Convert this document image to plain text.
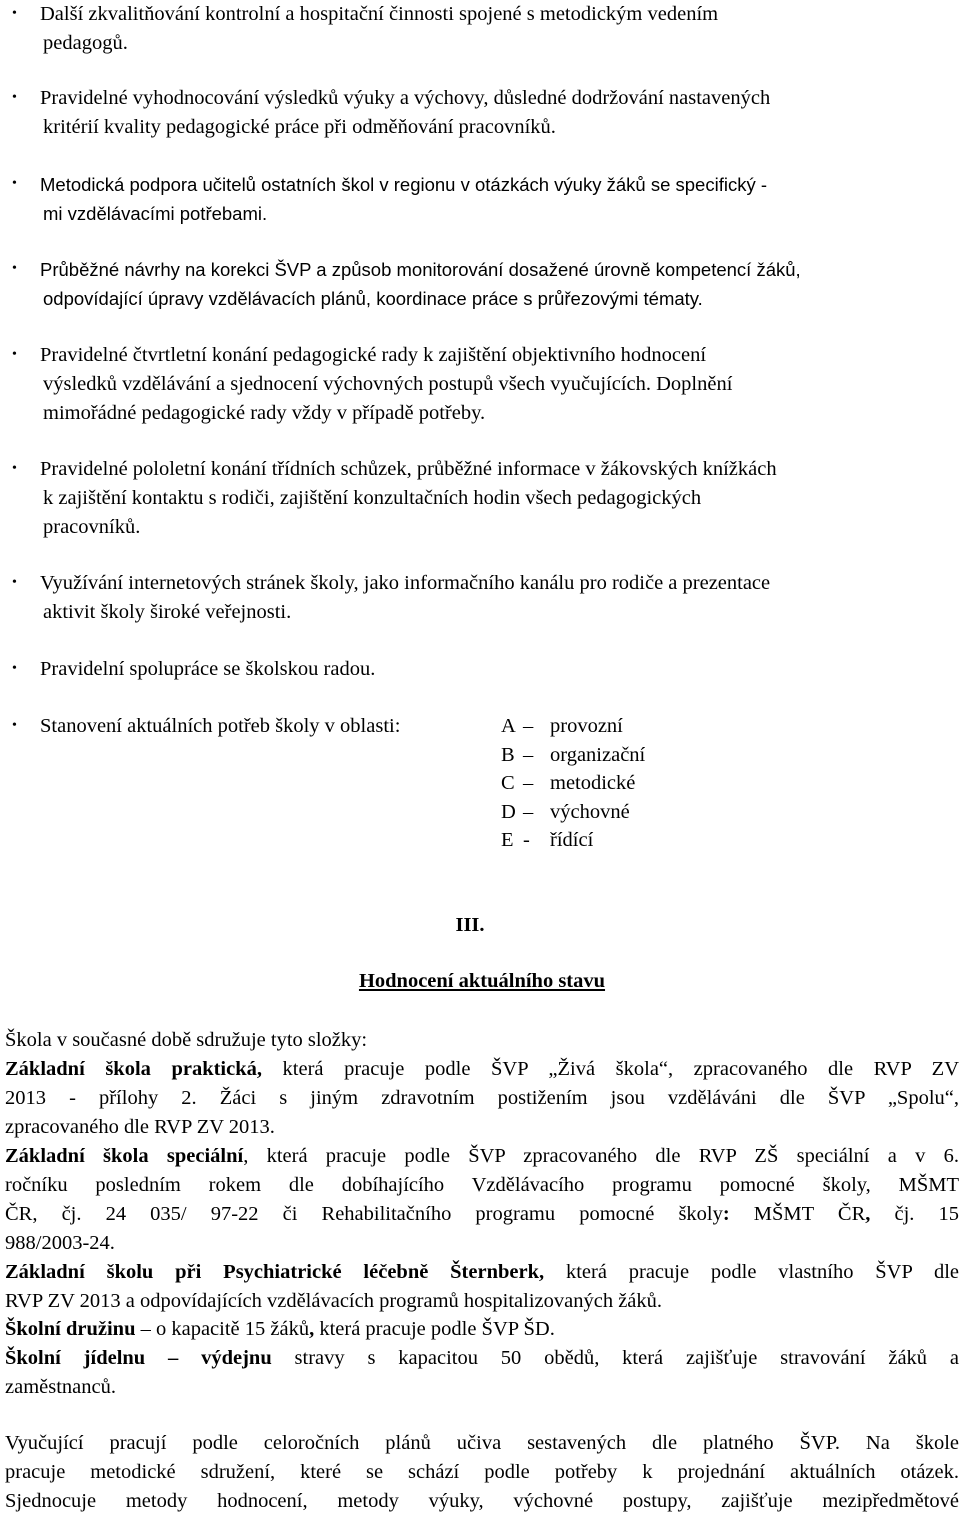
•	Další zkvalitňování kontrolní a hospitační činnosti spojené s metodickým vedením
pedagogů.
•	Pravidelné vyhodnocování výsledků výuky a výchovy, důsledné dodržování nastavených
kritérií kvality pedagogické práce při odměňování pracovníků.
•	Metodická podpora učitelů ostatních škol v regionu v otázkách výuky žáků se specifický -
mi vzdělávacími potřebami.
•	Průběžné návrhy na korekci ŠVP a způsob monitorování dosažené úrovně kompetencí žáků,
odpovídající úpravy vzdělávacích plánů, koordinace práce s průřezovými tématy.
•	Pravidelné čtvrtletní konání pedagogické rady k zajištění objektivního hodnocení
výsledků vzdělávání a sjednocení výchovných postupů všech vyučujících. Doplnění
mimořádné pedagogické rady vždy v případě potřeby.
•	Pravidelné pololetní konání třídních schůzek, průběžné informace v žákovských knížkách
k zajištění kontaktu s rodiči, zajištění konzultačních hodin všech pedagogických
pracovníků.
•	Využívání internetových stránek školy, jako informačního kanálu pro rodiče a prezentace
aktivit školy široké veřejnosti.
•	Pravidelní spolupráce se školskou radou.
•	Stanovení aktuálních potřeb školy v oblasti:	A – provozní
B – organizační
C – metodické
D – výchovné
E - řídící
III.
Hodnocení aktuálního stavu
Škola v současné době sdružuje tyto složky:
Základní škola praktická, která pracuje podle ŠVP „Živá škola“, zpracovaného dle RVP ZV
2013 - přílohy 2. Žáci s jiným zdravotním postižením jsou vzděláváni dle ŠVP „Spolu“,
zpracovaného dle RVP ZV 2013.
Základní škola speciální, která pracuje podle ŠVP zpracovaného dle RVP ZŠ speciální a v 6.
ročníku posledním rokem dle dobíhajícího Vzdělávacího programu pomocné školy, MŠMT
ČR, čj. 24 035/ 97-22 či Rehabilitačního programu pomocné školy: MŠMT ČR, čj. 15
988/2003-24.
Základní školu při Psychiatrické léčebně Šternberk, která pracuje podle vlastního ŠVP dle
RVP ZV 2013 a odpovídajících vzdělávacích programů hospitalizovaných žáků.
Školní družinu – o kapacitě 15 žáků, která pracuje podle ŠVP ŠD.
Školní jídelnu – výdejnu stravy s kapacitou 50 obědů, která zajišťuje stravování žáků a
zaměstnanců.
Vyučující pracují podle celoročních plánů učiva sestavených dle platného ŠVP. Na škole
pracuje metodické sdružení, které se schází podle potřeby k projednání aktuálních otázek.
Sjednocuje metody hodnocení, metody výuky, výchovné postupy, zajišťuje mezipředmětové
